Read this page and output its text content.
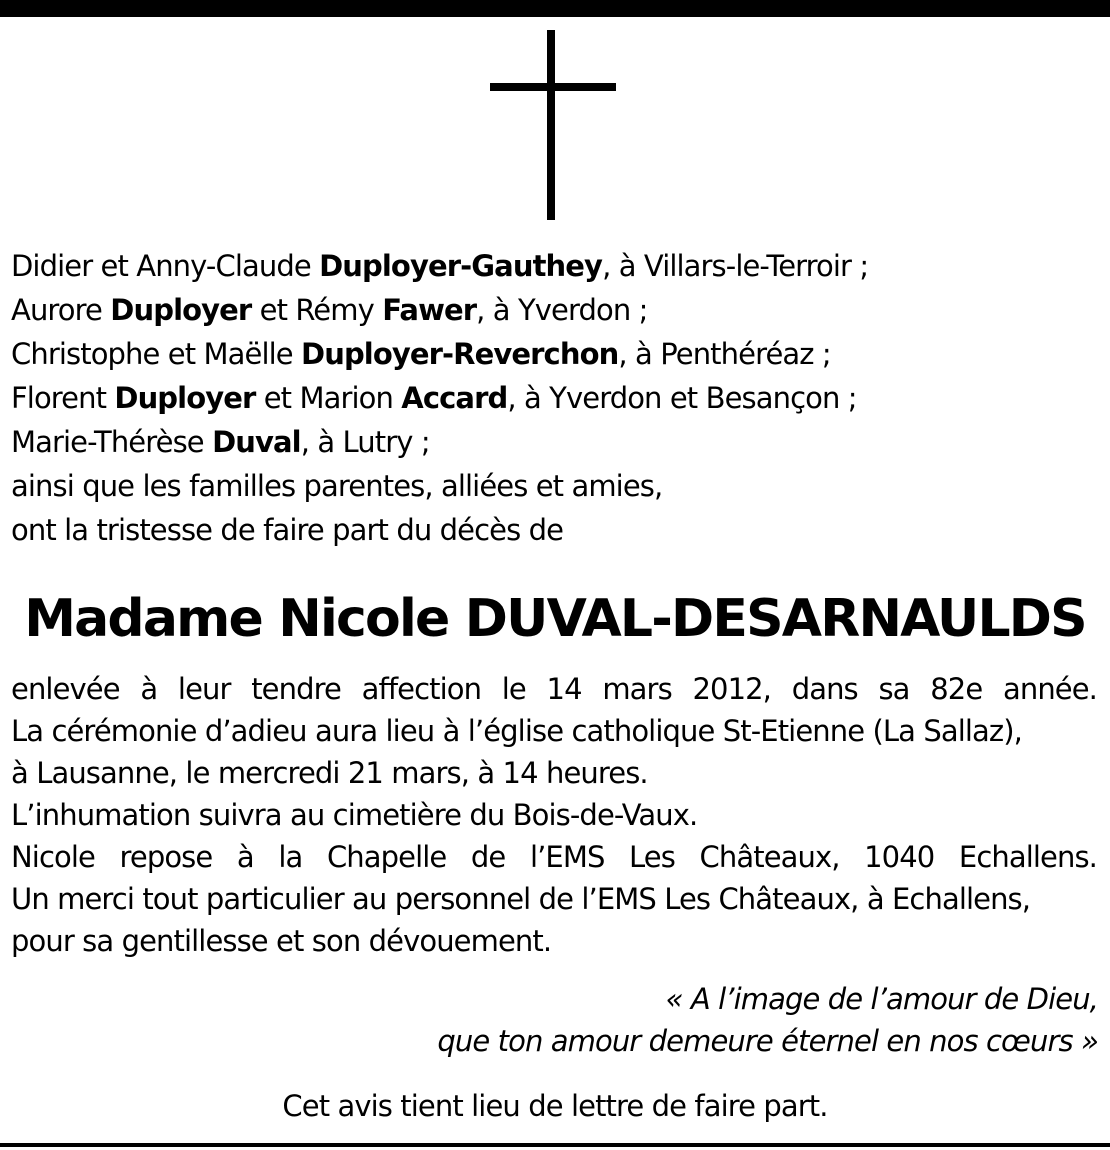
Didier et Anny-Claude Duployer-Gauthey, à Villars-le-Terroir ;
Aurore Duployer et Rémy Fawer, à Yverdon ;
Christophe et Maëlle Duployer-Reverchon, à Penthéréaz ;
Florent Duployer et Marion Accard, à Yverdon et Besançon ;
Marie-Thérèse Duval, à Lutry ;
ainsi que les familles parentes, alliées et amies,
ont la tristesse de faire part du décès de
Madame Nicole DUVAL-DESARNAULDS
enlevée à leur tendre affection le 14 mars 2012, dans sa 82e année.
La cérémonie d’adieu aura lieu à l’église catholique St-Etienne (La Sallaz),
à Lausanne, le mercredi 21 mars, à 14 heures.
L’inhumation suivra au cimetière du Bois-de-Vaux.
Nicole repose à la Chapelle de l’EMS Les Châteaux, 1040 Echallens.
Un merci tout particulier au personnel de l’EMS Les Châteaux, à Echallens,
pour sa gentillesse et son dévouement.
« A l’image de l’amour de Dieu,
que ton amour demeure éternel en nos cœurs »
Cet avis tient lieu de lettre de faire part.
